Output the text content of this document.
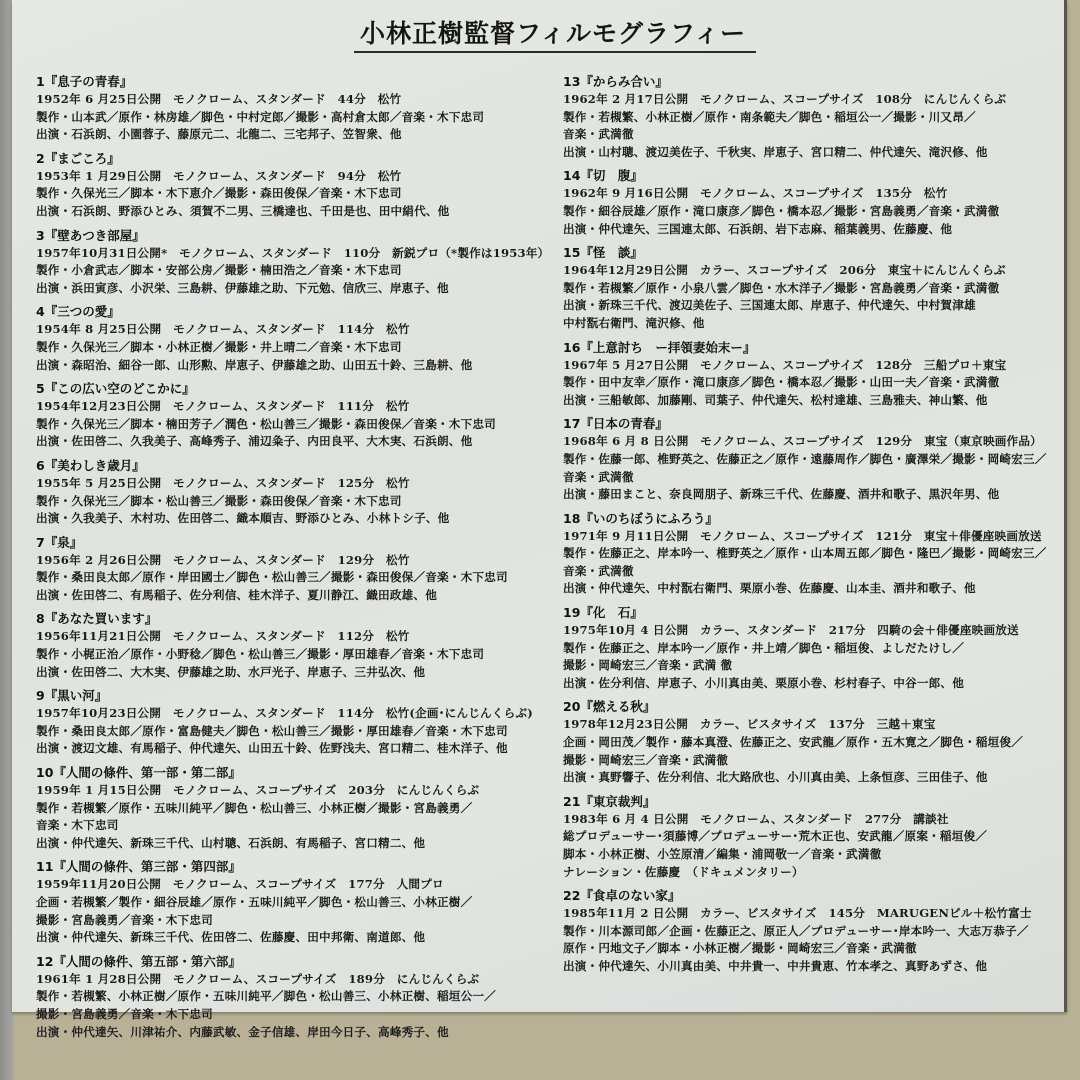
小林正樹監督フィルモグラフィー
1『息子の青春』
1952年 6 月25日公開　モノクローム、スタンダード　44分　松竹
製作・山本武／原作・林房雄／脚色・中村定郎／撮影・高村倉太郎／音楽・木下忠司
出演・石浜朗、小園蓉子、藤原元二、北龍二、三宅邦子、笠智衆、他
2『まごころ』
1953年 1 月29日公開　モノクローム、スタンダード　94分　松竹
製作・久保光三／脚本・木下恵介／撮影・森田俊保／音楽・木下忠司
出演・石浜朗、野添ひとみ、須賀不二男、三橋達也、千田是也、田中絹代、他
3『壁あつき部屋』
1957年10月31日公開*　モノクローム、スタンダード　110分　新鋭プロ（*製作は1953年）
製作・小倉武志／脚本・安部公房／撮影・楠田浩之／音楽・木下忠司
出演・浜田寅彦、小沢栄、三島耕、伊藤雄之助、下元勉、信欣三、岸恵子、他
4『三つの愛』
1954年 8 月25日公開　モノクローム、スタンダード　114分　松竹
製作・久保光三／脚本・小林正樹／撮影・井上晴二／音楽・木下忠司
出演・森昭治、細谷一郎、山形勲、岸恵子、伊藤雄之助、山田五十鈴、三島耕、他
5『この広い空のどこかに』
1954年12月23日公開　モノクローム、スタンダード　111分　松竹
製作・久保光三／脚本・楠田芳子／潤色・松山善三／撮影・森田俊保／音楽・木下忠司
出演・佐田啓二、久我美子、高峰秀子、浦辺粂子、内田良平、大木実、石浜朗、他
6『美わしき歳月』
1955年 5 月25日公開　モノクローム、スタンダード　125分　松竹
製作・久保光三／脚本・松山善三／撮影・森田俊保／音楽・木下忠司
出演・久我美子、木村功、佐田啓二、織本順吉、野添ひとみ、小林トシ子、他
7『泉』
1956年 2 月26日公開　モノクローム、スタンダード　129分　松竹
製作・桑田良太郎／原作・岸田國士／脚色・松山善三／撮影・森田俊保／音楽・木下忠司
出演・佐田啓二、有馬稲子、佐分利信、桂木洋子、夏川静江、織田政雄、他
8『あなた買います』
1956年11月21日公開　モノクローム、スタンダード　112分　松竹
製作・小梶正治／原作・小野稔／脚色・松山善三／撮影・厚田雄春／音楽・木下忠司
出演・佐田啓二、大木実、伊藤雄之助、水戸光子、岸恵子、三井弘次、他
9『黒い河』
1957年10月23日公開　モノクローム、スタンダード　114分　松竹(企画･にんじんくらぶ)
製作・桑田良太郎／原作・富島健夫／脚色・松山善三／撮影・厚田雄春／音楽・木下忠司
出演・渡辺文雄、有馬稲子、仲代達矢、山田五十鈴、佐野浅夫、宮口精二、桂木洋子、他
10『人間の條件、第一部・第二部』
1959年 1 月15日公開　モノクローム、スコープサイズ　203分　にんじんくらぶ
製作・若槻繁／原作・五味川純平／脚色・松山善三、小林正樹／撮影・宮島義勇／
音楽・木下忠司
出演・仲代達矢、新珠三千代、山村聰、石浜朗、有馬稲子、宮口精二、他
11『人間の條件、第三部・第四部』
1959年11月20日公開　モノクローム、スコープサイズ　177分　人間プロ
企画・若槻繁／製作・細谷辰雄／原作・五味川純平／脚色・松山善三、小林正樹／
撮影・宮島義勇／音楽・木下忠司
出演・仲代達矢、新珠三千代、佐田啓二、佐藤慶、田中邦衛、南道郎、他
12『人間の條件、第五部・第六部』
1961年 1 月28日公開　モノクローム、スコープサイズ　189分　にんじんくらぶ
製作・若槻繁、小林正樹／原作・五味川純平／脚色・松山善三、小林正樹、稲垣公一／
撮影・宮島義勇／音楽・木下忠司
出演・仲代達矢、川津祐介、内藤武敏、金子信雄、岸田今日子、高峰秀子、他
13『からみ合い』
1962年 2 月17日公開　モノクローム、スコープサイズ　108分　にんじんくらぶ
製作・若槻繁、小林正樹／原作・南条範夫／脚色・稲垣公一／撮影・川又昂／
音楽・武満徹
出演・山村聰、渡辺美佐子、千秋実、岸恵子、宮口精二、仲代達矢、滝沢修、他
14『切　腹』
1962年 9 月16日公開　モノクローム、スコープサイズ　135分　松竹
製作・細谷辰雄／原作・滝口康彦／脚色・橋本忍／撮影・宮島義勇／音楽・武満徹
出演・仲代達矢、三国連太郎、石浜朗、岩下志麻、稲葉義男、佐藤慶、他
15『怪　談』
1964年12月29日公開　カラー、スコープサイズ　206分　東宝＋にんじんくらぶ
製作・若槻繁／原作・小泉八雲／脚色・水木洋子／撮影・宮島義勇／音楽・武満徹
出演・新珠三千代、渡辺美佐子、三国連太郎、岸恵子、仲代達矢、中村賀津雄
中村翫右衛門、滝沢修、他
16『上意討ち　ー拝領妻始末ー』
1967年 5 月27日公開　モノクローム、スコープサイズ　128分　三船プロ＋東宝
製作・田中友幸／原作・滝口康彦／脚色・橋本忍／撮影・山田一夫／音楽・武満徹
出演・三船敏郎、加藤剛、司葉子、仲代達矢、松村達雄、三島雅夫、神山繁、他
17『日本の青春』
1968年 6 月 8 日公開　モノクローム、スコープサイズ　129分　東宝（東京映画作品）
製作・佐藤一郎、椎野英之、佐藤正之／原作・遠藤周作／脚色・廣澤栄／撮影・岡崎宏三／
音楽・武満徹
出演・藤田まこと、奈良岡朋子、新珠三千代、佐藤慶、酒井和歌子、黒沢年男、他
18『いのちぼうにふろう』
1971年 9 月11日公開　モノクローム、スコープサイズ　121分　東宝＋俳優座映画放送
製作・佐藤正之、岸本吟一、椎野英之／原作・山本周五郎／脚色・隆巴／撮影・岡崎宏三／
音楽・武満徹
出演・仲代達矢、中村翫右衛門、栗原小巻、佐藤慶、山本圭、酒井和歌子、他
19『化　石』
1975年10月 4 日公開　カラー、スタンダード　217分　四騎の会＋俳優座映画放送
製作・佐藤正之、岸本吟一／原作・井上靖／脚色・稲垣俊、よしだたけし／
撮影・岡崎宏三／音楽・武満 徹
出演・佐分利信、岸恵子、小川真由美、栗原小巻、杉村春子、中谷一郎、他
20『燃える秋』
1978年12月23日公開　カラー、ビスタサイズ　137分　三越＋東宝
企画・岡田茂／製作・藤本真澄、佐藤正之、安武龍／原作・五木寛之／脚色・稲垣俊／
撮影・岡崎宏三／音楽・武満徹
出演・真野響子、佐分利信、北大路欣也、小川真由美、上条恒彦、三田佳子、他
21『東京裁判』
1983年 6 月 4 日公開　モノクローム、スタンダード　277分　講談社
総プロデューサー･須藤博／プロデューサー･荒木正也、安武龍／原案・稲垣俊／
脚本・小林正樹、小笠原清／編集・浦岡敬一／音楽・武満徹
ナレーション・佐藤慶　（ドキュメンタリー）
22『食卓のない家』
1985年11月 2 日公開　カラー、ビスタサイズ　145分　MARUGENビル＋松竹富士
製作・川本源司郎／企画・佐藤正之、原正人／プロデューサー･岸本吟一、大志万恭子／
原作・円地文子／脚本・小林正樹／撮影・岡崎宏三／音楽・武満徹
出演・仲代達矢、小川真由美、中井貴一、中井貴恵、竹本孝之、真野あずさ、他
